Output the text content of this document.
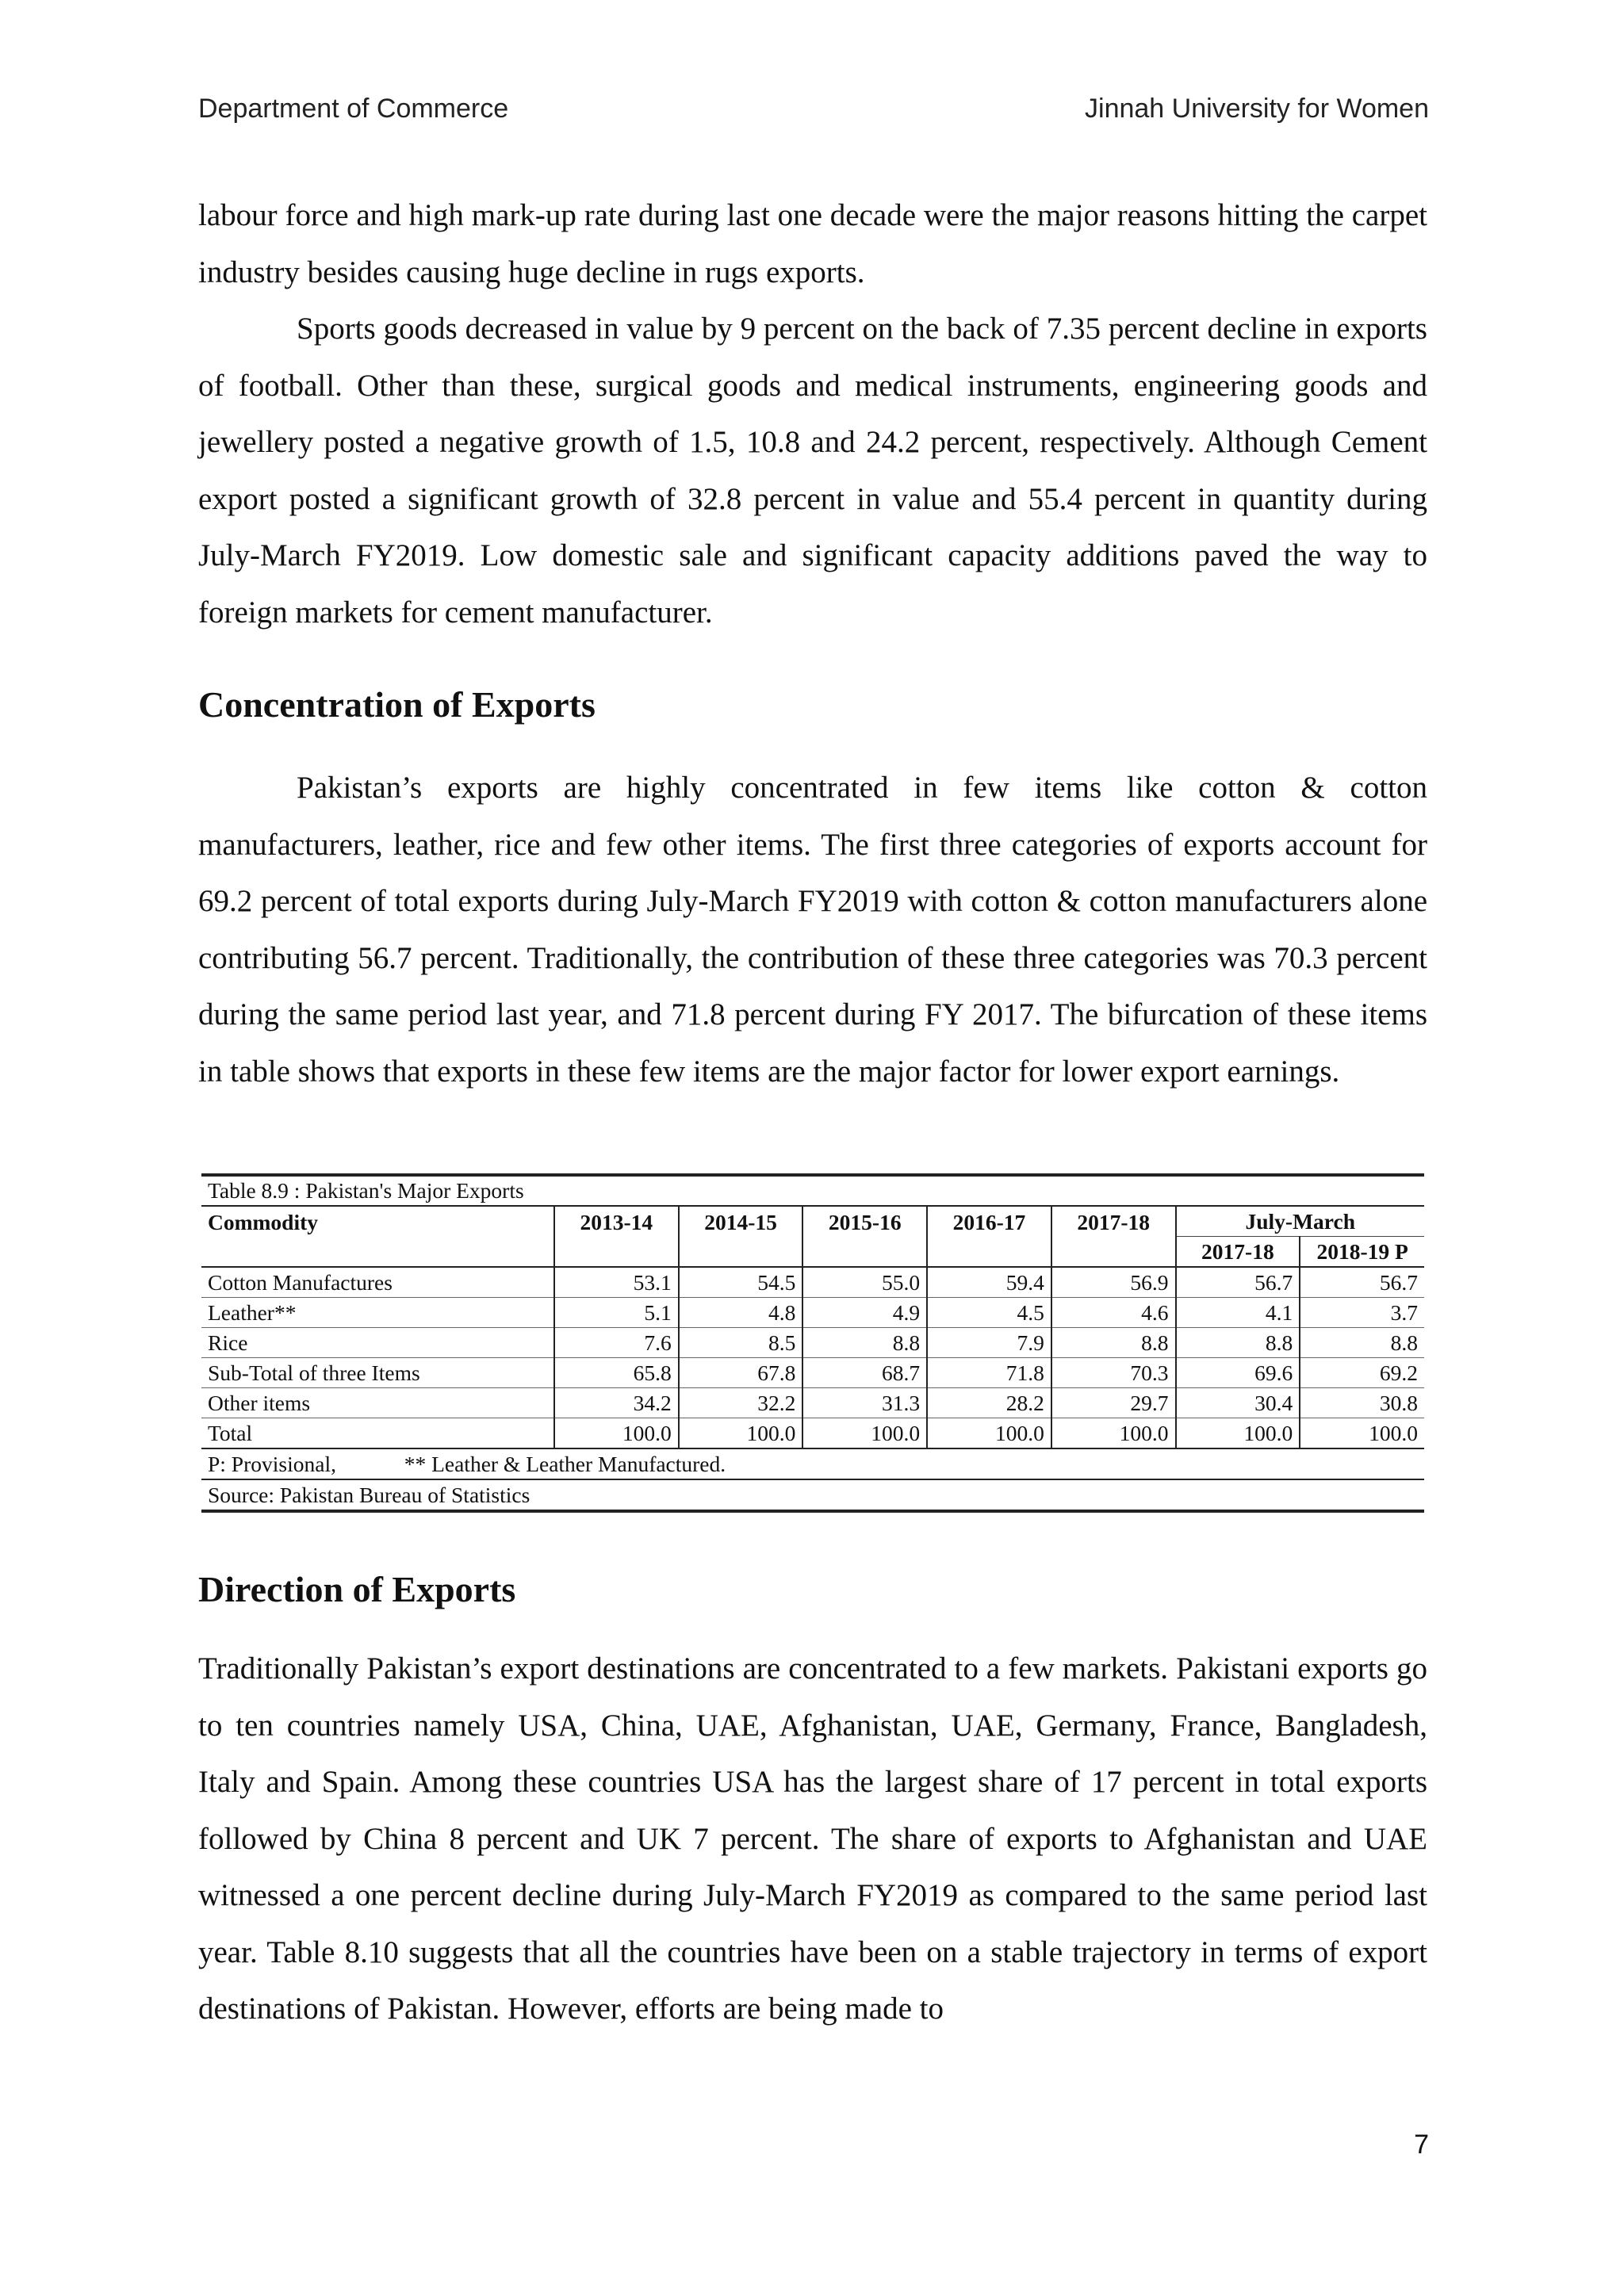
Department of Commerce	Jinnah University for Women

labour force and high mark-up rate during last one decade were the major reasons hitting the carpet industry besides causing huge decline in rugs exports.

Sports goods decreased in value by 9 percent on the back of 7.35 percent decline in exports of football. Other than these, surgical goods and medical instruments, engineering goods and jewellery posted a negative growth of 1.5, 10.8 and 24.2 percent, respectively. Although Cement export posted a significant growth of 32.8 percent in value and 55.4 percent in quantity during July-March FY2019. Low domestic sale and significant capacity additions paved the way to foreign markets for cement manufacturer.

Concentration of Exports

Pakistan’s exports are highly concentrated in few items like cotton & cotton manufacturers, leather, rice and few other items. The first three categories of exports account for 69.2 percent of total exports during July-March FY2019 with cotton & cotton manufacturers alone contributing 56.7 percent. Traditionally, the contribution of these three categories was 70.3 percent during the same period last year, and 71.8 percent during FY 2017. The bifurcation of these items in table shows that exports in these few items are the major factor for lower export earnings.

Table 8.9 : Pakistan's Major Exports							
Commodity	2013-14	2014-15	2015-16	2016-17	2017-18	July-March	
						2017-18	2018-19 P
Cotton Manufactures	53.1	54.5	55.0	59.4	56.9	56.7	56.7
Leather**	5.1	4.8	4.9	4.5	4.6	4.1	3.7
Rice	7.6	8.5	8.8	7.9	8.8	8.8	8.8
Sub-Total of three Items	65.8	67.8	68.7	71.8	70.3	69.6	69.2
Other items	34.2	32.2	31.3	28.2	29.7	30.4	30.8
Total	100.0	100.0	100.0	100.0	100.0	100.0	100.0
P: Provisional, ** Leather & Leather Manufactured.							
Source: Pakistan Bureau of Statistics							
Direction of Exports

Traditionally Pakistan’s export destinations are concentrated to a few markets. Pakistani exports go to ten countries namely USA, China, UAE, Afghanistan, UAE, Germany, France, Bangladesh, Italy and Spain. Among these countries USA has the largest share of 17 percent in total exports followed by China 8 percent and UK 7 percent. The share of exports to Afghanistan and UAE witnessed a one percent decline during July-March FY2019 as compared to the same period last year. Table 8.10 suggests that all the countries have been on a stable trajectory in terms of export destinations of Pakistan. However, efforts are being made to

7
